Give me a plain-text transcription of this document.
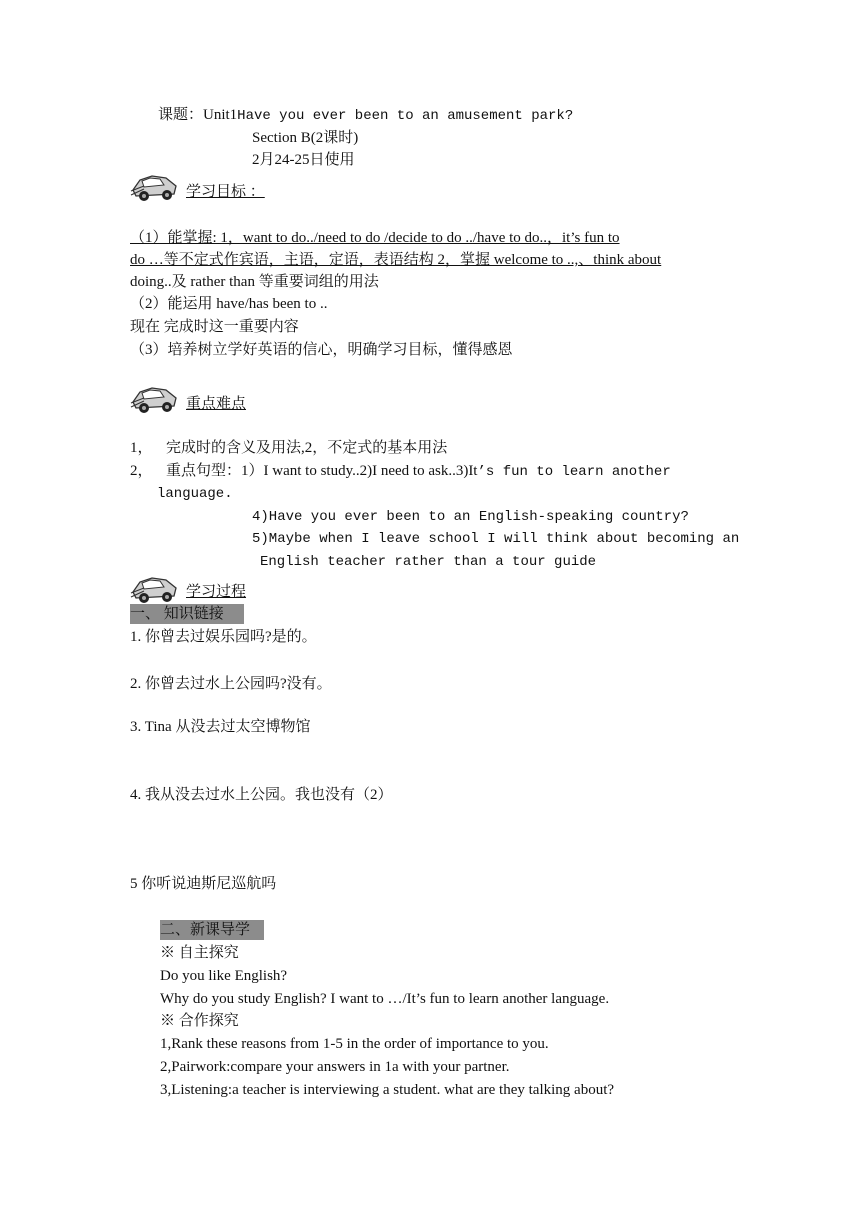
课题：Unit1Have you ever been to an amusement park?
Section B(2课时)
2月24-25日使用
学习目标 ：
（1）能掌握: 1，want to do../need to do /decide to do ../have to do..，it’s fun to
do …等不定式作宾语，主语，定语，表语结构 2，掌握 welcome to ..,、think about
doing..及 rather than 等重要词组的用法
（2）能运用 have/has been to ..
现在 完成时这一重要内容
（3）培养树立学好英语的信心，明确学习目标，懂得感恩
重点难点
1， 完成时的含义及用法,2，不定式的基本用法
2， 重点句型：1）I want to study..2)I need to ask..3)It’s fun to learn another
language.
4)Have you ever been to an English-speaking country?
5)Maybe when I leave school I will think about becoming an
English teacher rather than a tour guide
学习过程
一、 知识链接
1. 你曾去过娱乐园吗?是的。
2. 你曾去过水上公园吗?没有。
3. Tina 从没去过太空博物馆
4. 我从没去过水上公园。我也没有（2）
5 你听说迪斯尼巡航吗
二、新课导学
※ 自主探究
Do you like English?
Why do you study English? I want to …/It’s fun to learn another language.
※ 合作探究
1,Rank these reasons from 1-5 in the order of importance to you.
2,Pairwork:compare your answers in 1a with your partner.
3,Listening:a teacher is interviewing a student. what are they talking about?
